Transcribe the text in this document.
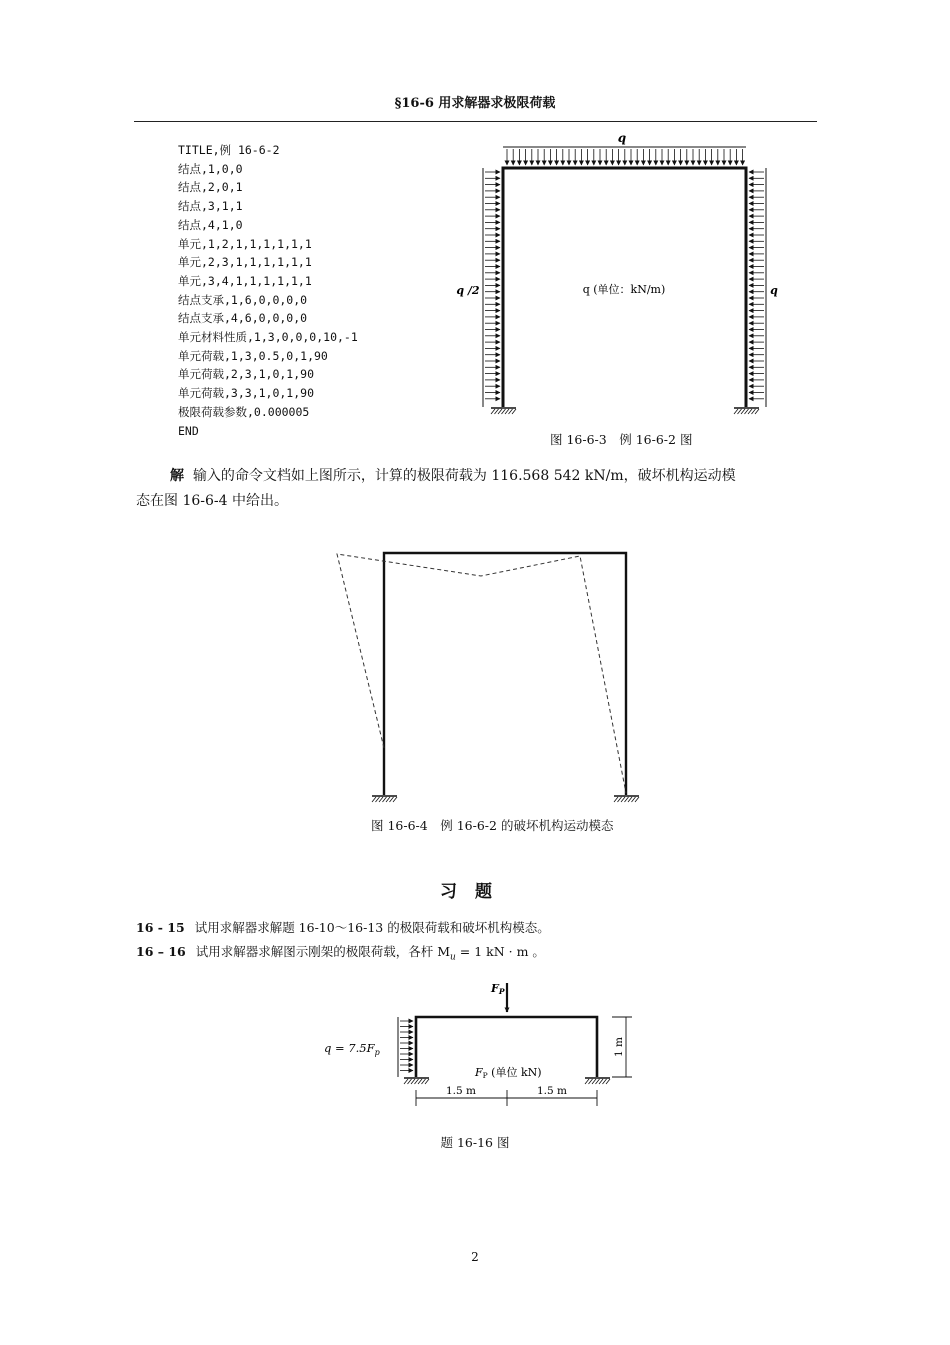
§16-6 用求解器求极限荷载
TITLE,例 16-6-2
结点,1,0,0
结点,2,0,1
结点,3,1,1
结点,4,1,0
单元,1,2,1,1,1,1,1,1
单元,2,3,1,1,1,1,1,1
单元,3,4,1,1,1,1,1,1
结点支承,1,6,0,0,0,0
结点支承,4,6,0,0,0,0
单元材料性质,1,3,0,0,0,10,-1
单元荷载,1,3,0.5,0,1,90
单元荷载,2,3,1,0,1,90
单元荷载,3,3,1,0,1,90
极限荷载参数,0.000005
END
q
q /2	q
q (单位：kN/m)
1.5 m	1.5 m
1 m
FP
$q = 7.5F_p$
FP (单位 kN)
图 16-6-3　例 16-6-2 图
解 输入的命令文档如上图所示，计算的极限荷载为 116.568 542 kN/m，破坏机构运动模
态在图 16-6-4 中给出。
图 16-6-4　例 16-6-2 的破坏机构运动模态
习题
16 - 15 试用求解器求解题 16-10～16-13 的极限荷载和破坏机构模态。
16 – 16 试用求解器求解图示刚架的极限荷载，各杆 $M_u = 1$ kN · m 。
题 16-16 图
2
